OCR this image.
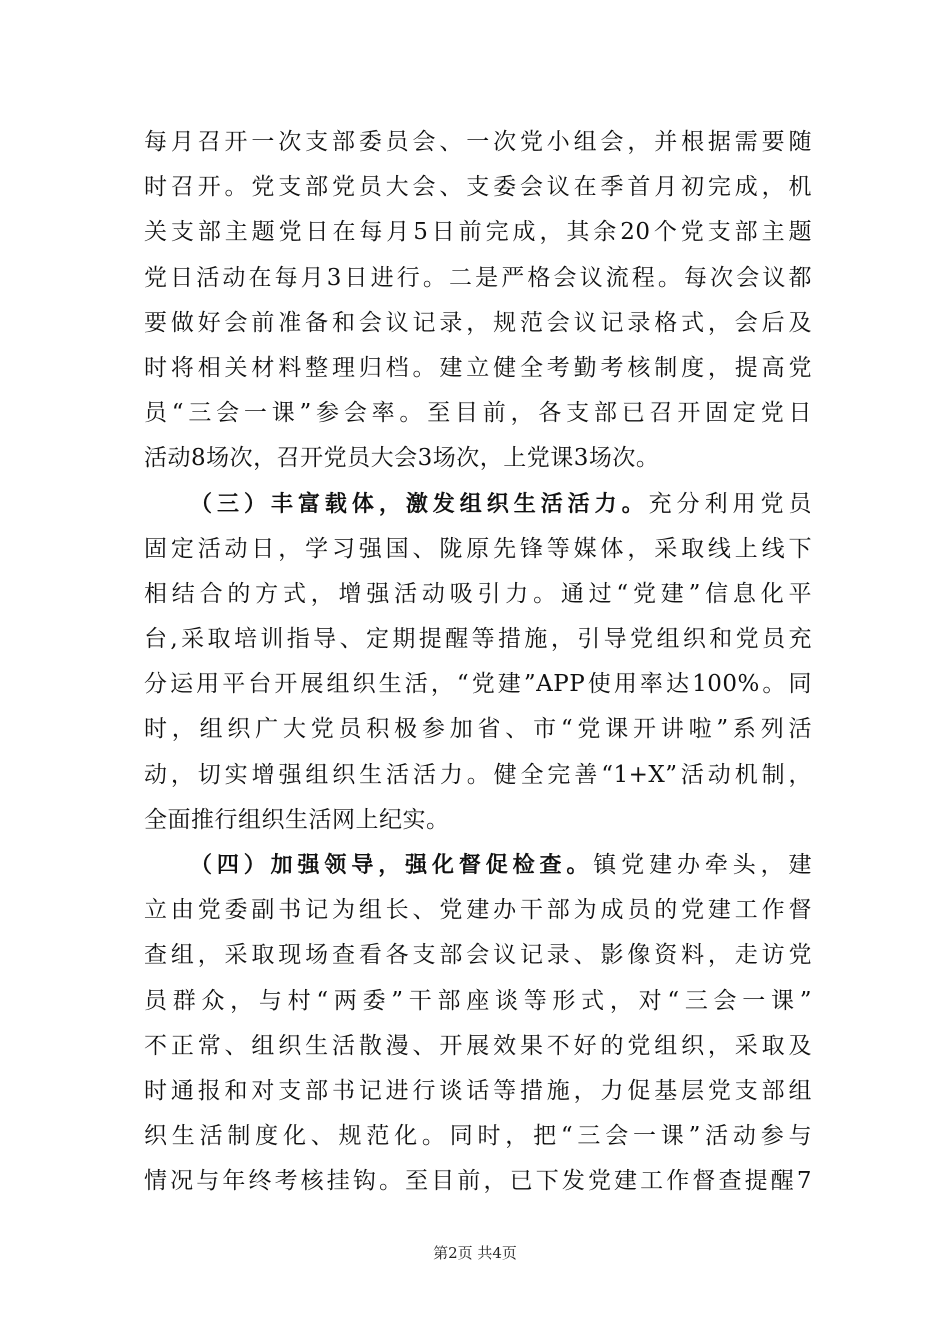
每月召开一次支部委员会、一次党小组会，并根据需要随
时召开。党支部党员大会、支委会议在季首月初完成，机
关支部主题党日在每月5日前完成，其余20个党支部主题
党日活动在每月3日进行。二是严格会议流程。每次会议都
要做好会前准备和会议记录，规范会议记录格式，会后及
时将相关材料整理归档。建立健全考勤考核制度，提高党
员“三会一课”参会率。至目前，各支部已召开固定党日
活动8场次，召开党员大会3场次，上党课3场次。
（三）丰富载体，激发组织生活活力。充分利用党员
固定活动日，学习强国、陇原先锋等媒体，采取线上线下
相结合的方式，增强活动吸引力。通过“党建”信息化平
台,采取培训指导、定期提醒等措施，引导党组织和党员充
分运用平台开展组织生活，“党建”APP使用率达100%。同
时，组织广大党员积极参加省、市“党课开讲啦”系列活
动，切实增强组织生活活力。健全完善“1+X”活动机制，
全面推行组织生活网上纪实。
（四）加强领导，强化督促检查。镇党建办牵头，建
立由党委副书记为组长、党建办干部为成员的党建工作督
查组，采取现场查看各支部会议记录、影像资料，走访党
员群众，与村“两委”干部座谈等形式，对“三会一课”
不正常、组织生活散漫、开展效果不好的党组织，采取及
时通报和对支部书记进行谈话等措施，力促基层党支部组
织生活制度化、规范化。同时，把“三会一课”活动参与
情况与年终考核挂钩。至目前，已下发党建工作督查提醒7
第2页 共4页
